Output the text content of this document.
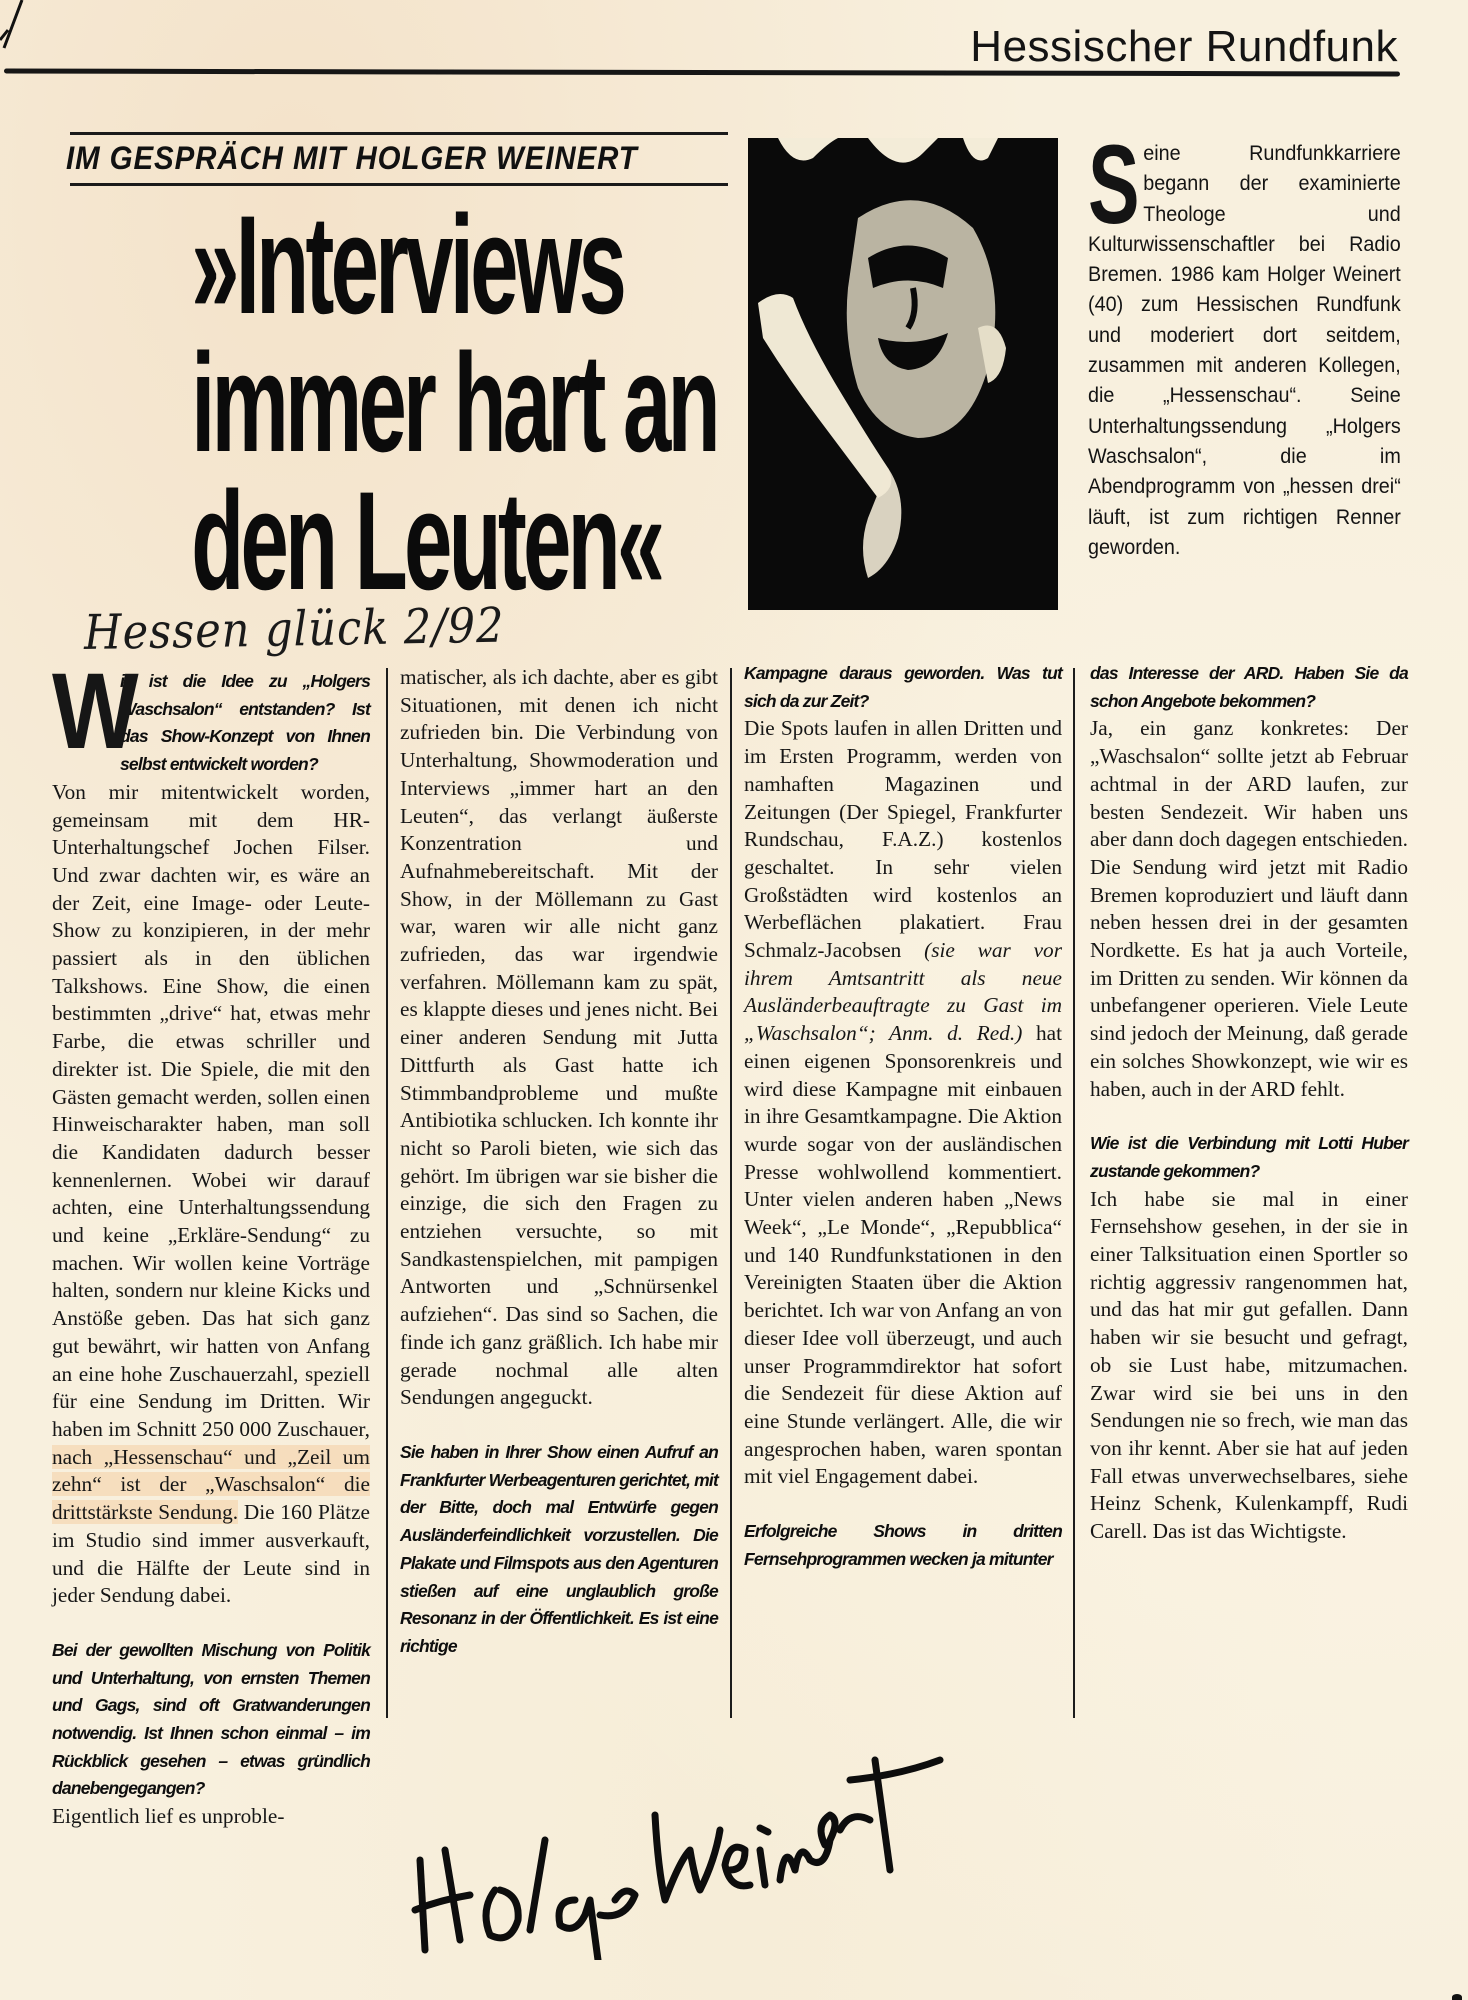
Hessischer Rundfunk
IM GESPRÄCH MIT HOLGER WEINERT
»Interviews
immer hart an
den Leuten«
Hessen glück 2/92
S eine Rundfunkkarriere begann der examinierte Theologe und Kulturwissenschaftler bei Radio Bremen. 1986 kam Holger Weinert (40) zum Hessischen Rundfunk und moderiert dort seitdem, zusammen mit anderen Kollegen, die „Hessenschau“. Seine Unterhaltungssendung „Holgers Waschsalon“, die im Abendprogramm von „hessen drei“ läuft, ist zum richtigen Renner geworden.
W

ie ist die Idee zu „Holgers Waschsalon“ entstanden? Ist das Show-Konzept von Ihnen selbst entwickelt worden?

Von mir mitentwickelt worden, gemeinsam mit dem HR-Unterhaltungschef Jochen Filser. Und zwar dachten wir, es wäre an der Zeit, eine Image- oder Leute-Show zu konzipieren, in der mehr passiert als in den üblichen Talkshows. Eine Show, die einen bestimmten „drive“ hat, etwas mehr Farbe, die etwas schriller und direkter ist. Die Spiele, die mit den Gästen gemacht werden, sollen einen Hinweischarakter haben, man soll die Kandidaten dadurch besser kennenlernen. Wobei wir darauf achten, eine Unterhaltungssendung und keine „Erkläre-Sendung“ zu machen. Wir wollen keine Vorträge halten, sondern nur kleine Kicks und Anstöße geben. Das hat sich ganz gut bewährt, wir hatten von Anfang an eine hohe Zuschauerzahl, speziell für eine Sendung im Dritten. Wir haben im Schnitt 250 000 Zuschauer, nach „Hessenschau“ und „Zeil um zehn“ ist der „Waschsalon“ die drittstärkste Sendung. Die 160 Plätze im Studio sind immer ausverkauft, und die Hälfte der Leute sind in jeder Sendung dabei.

Bei der gewollten Mischung von Politik und Unterhaltung, von ernsten Themen und Gags, sind oft Gratwanderungen notwendig. Ist Ihnen schon einmal – im Rückblick gesehen – etwas gründlich danebengegangen?

Eigentlich lief es unproble-

matischer, als ich dachte, aber es gibt Situationen, mit denen ich nicht zufrieden bin. Die Verbindung von Unterhaltung, Showmoderation und Interviews „immer hart an den Leuten“, das verlangt äußerste Konzentration und Aufnahmebereitschaft. Mit der Show, in der Möllemann zu Gast war, waren wir alle nicht ganz zufrieden, das war irgendwie verfahren. Möllemann kam zu spät, es klappte dieses und jenes nicht. Bei einer anderen Sendung mit Jutta Dittfurth als Gast hatte ich Stimmbandprobleme und mußte Antibiotika schlucken. Ich konnte ihr nicht so Paroli bieten, wie sich das gehört. Im übrigen war sie bisher die einzige, die sich den Fragen zu entziehen versuchte, so mit Sandkastenspielchen, mit pampigen Antworten und „Schnürsenkel aufziehen“. Das sind so Sachen, die finde ich ganz gräßlich. Ich habe mir gerade nochmal alle alten Sendungen angeguckt.

Sie haben in Ihrer Show einen Aufruf an Frankfurter Werbeagenturen gerichtet, mit der Bitte, doch mal Entwürfe gegen Ausländerfeindlichkeit vorzustellen. Die Plakate und Filmspots aus den Agenturen stießen auf eine unglaublich große Resonanz in der Öffentlichkeit. Es ist eine richtige

Kampagne daraus geworden. Was tut sich da zur Zeit?

Die Spots laufen in allen Dritten und im Ersten Programm, werden von namhaften Magazinen und Zeitungen (Der Spiegel, Frankfurter Rundschau, F.A.Z.) kostenlos geschaltet. In sehr vielen Großstädten wird kostenlos an Werbeflächen plakatiert. Frau Schmalz-Jacobsen (sie war vor ihrem Amtsantritt als neue Ausländerbeauftragte zu Gast im „Waschsalon“; Anm. d. Red.) hat einen eigenen Sponsorenkreis und wird diese Kampagne mit einbauen in ihre Gesamtkampagne. Die Aktion wurde sogar von der ausländischen Presse wohlwollend kommentiert. Unter vielen anderen haben „News Week“, „Le Monde“, „Repubblica“ und 140 Rundfunkstationen in den Vereinigten Staaten über die Aktion berichtet. Ich war von Anfang an von dieser Idee voll überzeugt, und auch unser Programmdirektor hat sofort die Sendezeit für diese Aktion auf eine Stunde verlängert. Alle, die wir angesprochen haben, waren spontan mit viel Engagement dabei.

Erfolgreiche Shows in dritten Fernsehprogrammen wecken ja mitunter

das Interesse der ARD. Haben Sie da schon Angebote bekommen?

Ja, ein ganz konkretes: Der „Waschsalon“ sollte jetzt ab Februar achtmal in der ARD laufen, zur besten Sendezeit. Wir haben uns aber dann doch dagegen entschieden. Die Sendung wird jetzt mit Radio Bremen koproduziert und läuft dann neben hessen drei in der gesamten Nordkette. Es hat ja auch Vorteile, im Dritten zu senden. Wir können da unbefangener operieren. Viele Leute sind jedoch der Meinung, daß gerade ein solches Showkonzept, wie wir es haben, auch in der ARD fehlt.

Wie ist die Verbindung mit Lotti Huber zustande gekommen?

Ich habe sie mal in einer Fernsehshow gesehen, in der sie in einer Talksituation einen Sportler so richtig aggressiv rangenommen hat, und das hat mir gut gefallen. Dann haben wir sie besucht und gefragt, ob sie Lust habe, mitzumachen. Zwar wird sie bei uns in den Sendungen nie so frech, wie man das von ihr kennt. Aber sie hat auf jeden Fall etwas unverwechselbares, siehe Heinz Schenk, Kulenkampff, Rudi Carell. Das ist das Wichtigste.
